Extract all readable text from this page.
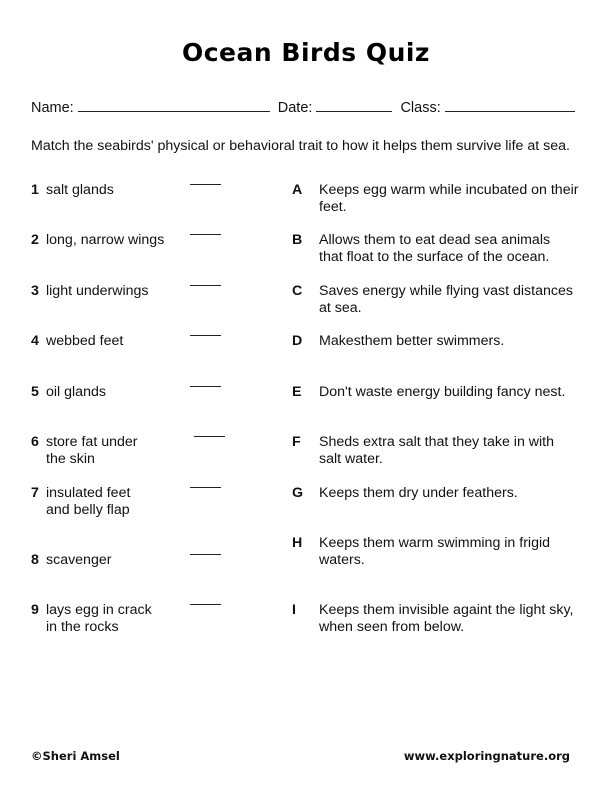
Ocean Birds Quiz
Name:	Date:	Class:
Match the seabirds' physical or behavioral trait to how it helps them survive life at sea.
1 salt glands
2 long, narrow wings
3 light underwings
4 webbed feet
5 oil glands
6 store fat under the skin
7 insulated feet and belly flap
8 scavenger
9 lays egg in crack in the rocks
A Keeps egg warm while incubated on their feet.
B Allows them to eat dead sea animals that float to the surface of the ocean.
C Saves energy while flying vast distances at sea.
D Makesthem better swimmers.
E Don't waste energy building fancy nest.
F Sheds extra salt that they take in with salt water.
G Keeps them dry under feathers.
H Keeps them warm swimming in frigid waters.
I Keeps them invisible againt the light sky, when seen from below.
©Sheri Amsel	www.exploringnature.org
